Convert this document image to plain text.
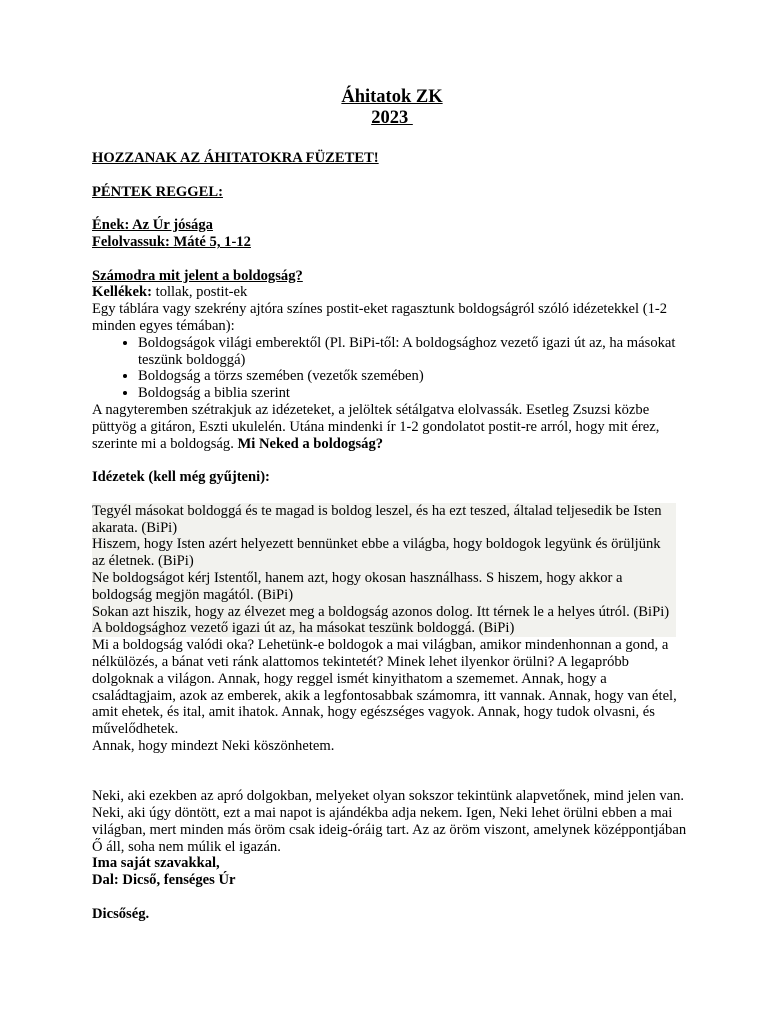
Áhitatok ZK
2023

HOZZANAK AZ ÁHITATOKRA FÜZETET!

PÉNTEK REGGEL:

Ének: Az Úr jósága

Felolvassuk: Máté 5, 1-12

Számodra mit jelent a boldogság?

Kellékek: tollak, postit-ek

Egy táblára vagy szekrény ajtóra színes postit-eket ragasztunk boldogságról szóló idézetekkel (1-2 minden egyes témában):

• Boldogságok világi emberektől (Pl. BiPi-től: A boldogsághoz vezető igazi út az, ha másokat teszünk boldoggá)
• Boldogság a törzs szemében (vezetők szemében)
• Boldogság a biblia szerint

A nagyteremben szétrakjuk az idézeteket, a jelöltek sétálgatva elolvassák. Esetleg Zsuzsi közbe püttyög a gitáron, Eszti ukulelén. Utána mindenki ír 1-2 gondolatot postit-re arról, hogy mit érez, szerinte mi a boldogság. Mi Neked a boldogság?

Idézetek (kell még gyűjteni):

Tegyél másokat boldoggá és te magad is boldog leszel, és ha ezt teszed, általad teljesedik be Isten akarata. (BiPi)

Hiszem, hogy Isten azért helyezett bennünket ebbe a világba, hogy boldogok legyünk és örüljünk az életnek. (BiPi)

Ne boldogságot kérj Istentől, hanem azt, hogy okosan használhass. S hiszem, hogy akkor a boldogság megjön magától. (BiPi)

Sokan azt hiszik, hogy az élvezet meg a boldogság azonos dolog. Itt térnek le a helyes útról. (BiPi)

A boldogsághoz vezető igazi út az, ha másokat teszünk boldoggá. (BiPi)

Mi a boldogság valódi oka? Lehetünk-e boldogok a mai világban, amikor mindenhonnan a gond, a nélkülözés, a bánat veti ránk alattomos tekintetét? Minek lehet ilyenkor örülni? A legapróbb dolgoknak a világon. Annak, hogy reggel ismét kinyithatom a szememet. Annak, hogy a családtagjaim, azok az emberek, akik a legfontosabbak számomra, itt vannak. Annak, hogy van étel, amit ehetek, és ital, amit ihatok. Annak, hogy egészséges vagyok. Annak, hogy tudok olvasni, és művelődhetek.

Annak, hogy mindezt Neki köszönhetem.

Neki, aki ezekben az apró dolgokban, melyeket olyan sokszor tekintünk alapvetőnek, mind jelen van. Neki, aki úgy döntött, ezt a mai napot is ajándékba adja nekem. Igen, Neki lehet örülni ebben a mai világban, mert minden más öröm csak ideig-óráig tart. Az az öröm viszont, amelynek középpontjában Ő áll, soha nem múlik el igazán.

Ima saját szavakkal,

Dal: Dicső, fenséges Úr

Dicsőség.
